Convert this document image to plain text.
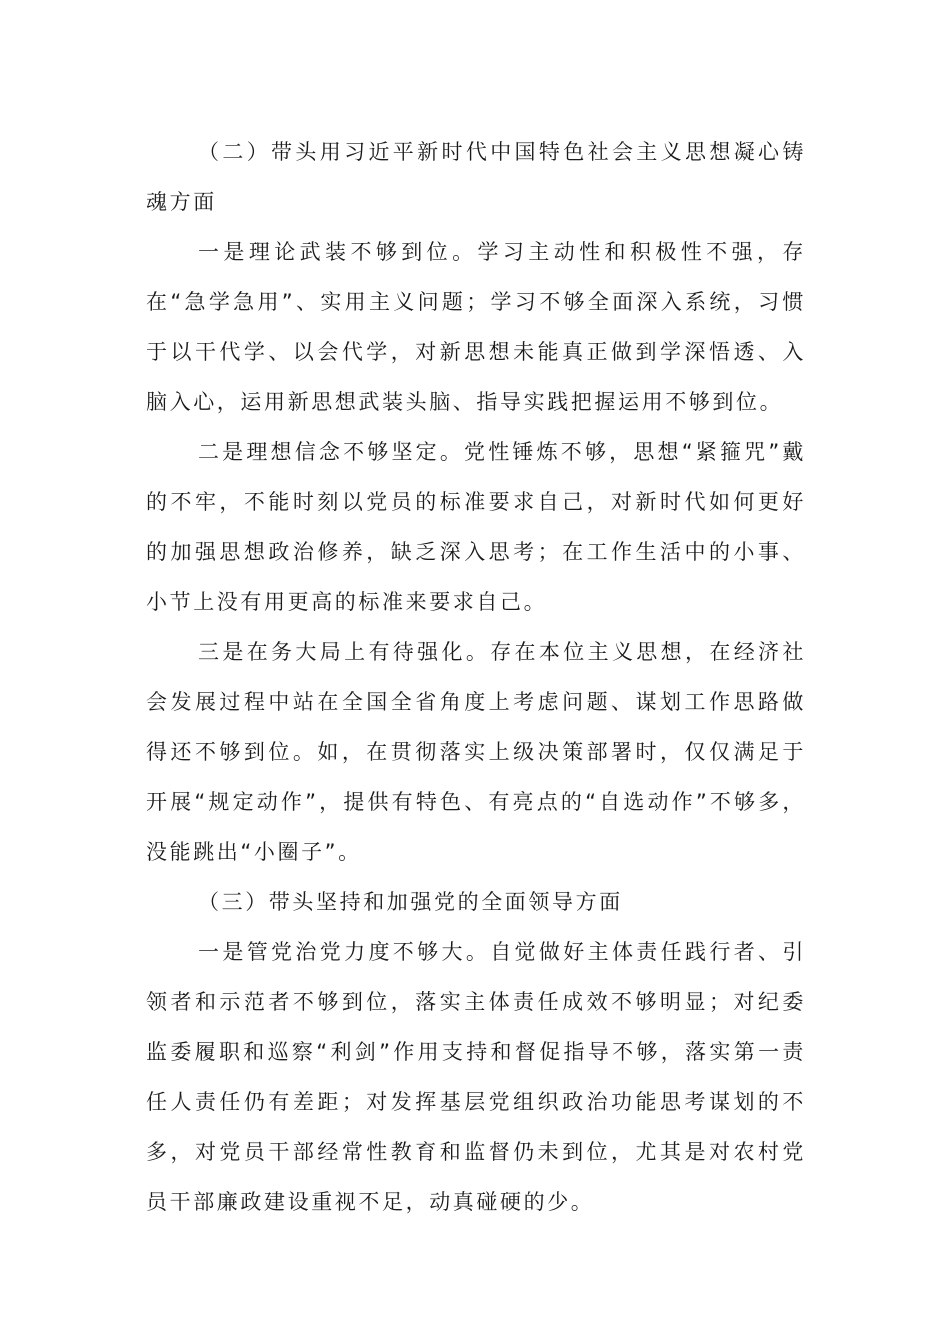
（二）带头用习近平新时代中国特色社会主义思想凝心铸魂方面

一是理论武装不够到位。学习主动性和积极性不强，存在“急学急用”、实用主义问题；学习不够全面深入系统，习惯于以干代学、以会代学，对新思想未能真正做到学深悟透、入脑入心，运用新思想武装头脑、指导实践把握运用不够到位。

二是理想信念不够坚定。党性锤炼不够，思想“紧箍咒”戴的不牢，不能时刻以党员的标准要求自己，对新时代如何更好的加强思想政治修养，缺乏深入思考；在工作生活中的小事、小节上没有用更高的标准来要求自己。

三是在务大局上有待强化。存在本位主义思想，在经济社会发展过程中站在全国全省角度上考虑问题、谋划工作思路做得还不够到位。如，在贯彻落实上级决策部署时，仅仅满足于开展“规定动作”，提供有特色、有亮点的“自选动作”不够多，没能跳出“小圈子”。

（三）带头坚持和加强党的全面领导方面

一是管党治党力度不够大。自觉做好主体责任践行者、引领者和示范者不够到位，落实主体责任成效不够明显；对纪委监委履职和巡察“利剑”作用支持和督促指导不够，落实第一责任人责任仍有差距；对发挥基层党组织政治功能思考谋划的不多，对党员干部经常性教育和监督仍未到位，尤其是对农村党员干部廉政建设重视不足，动真碰硬的少。
